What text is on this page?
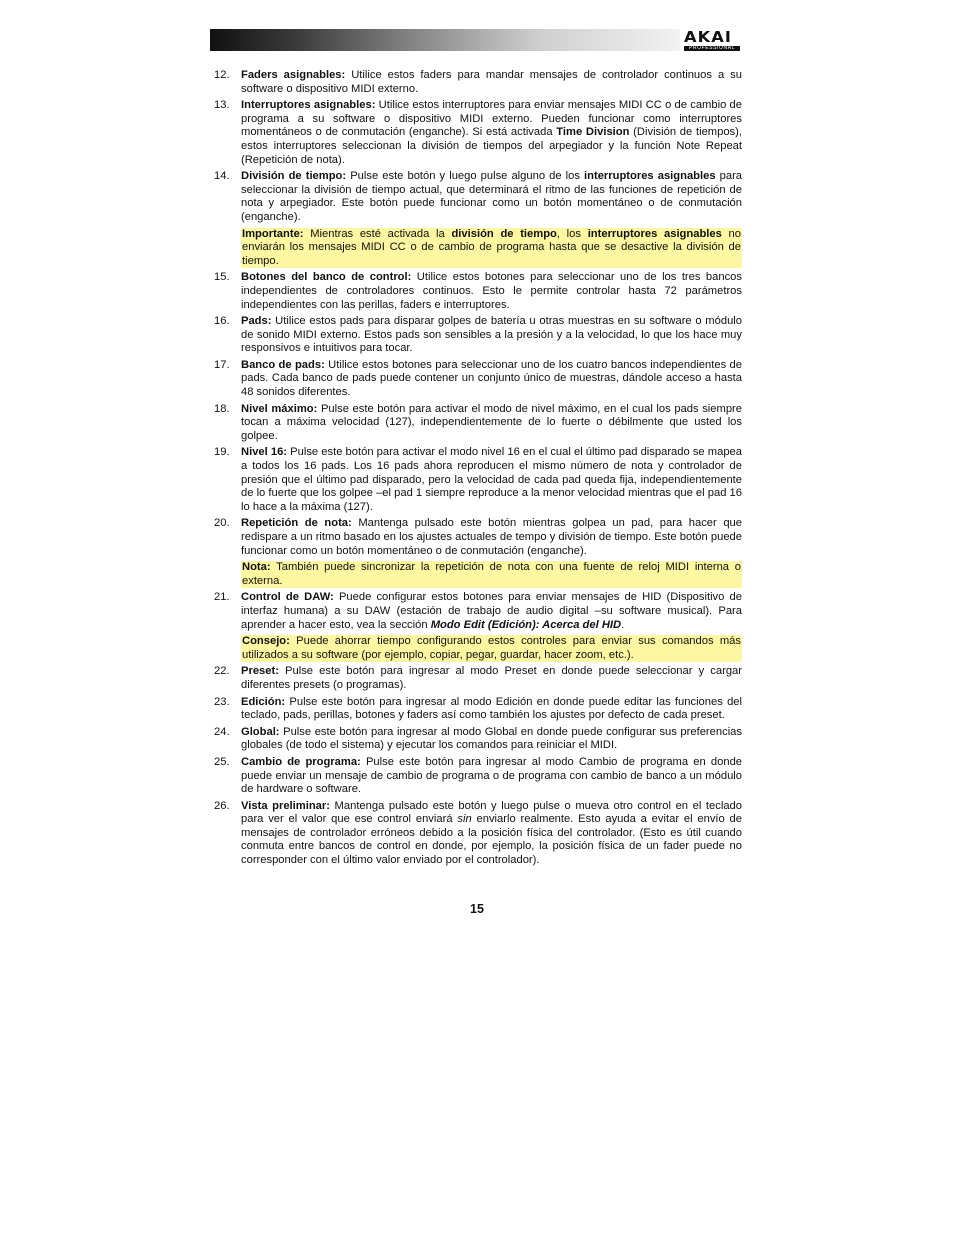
AKAI
PROFESSIONAL
12. Faders asignables: Utilice estos faders para mandar mensajes de controlador continuos a su software o dispositivo MIDI externo.
13. Interruptores asignables: Utilice estos interruptores para enviar mensajes MIDI CC o de cambio de programa a su software o dispositivo MIDI externo. Pueden funcionar como interruptores momentáneos o de conmutación (enganche). Si está activada Time Division (División de tiempos), estos interruptores seleccionan la división de tiempos del arpegiador y la función Note Repeat (Repetición de nota).
14. División de tiempo: Pulse este botón y luego pulse alguno de los interruptores asignables para seleccionar la división de tiempo actual, que determinará el ritmo de las funciones de repetición de nota y arpegiador. Este botón puede funcionar como un botón momentáneo o de conmutación (enganche).
Importante: Mientras esté activada la división de tiempo, los interruptores asignables no enviarán los mensajes MIDI CC o de cambio de programa hasta que se desactive la división de tiempo.
15. Botones del banco de control: Utilice estos botones para seleccionar uno de los tres bancos independientes de controladores continuos. Esto le permite controlar hasta 72 parámetros independientes con las perillas, faders e interruptores.
16. Pads: Utilice estos pads para disparar golpes de batería u otras muestras en su software o módulo de sonido MIDI externo. Estos pads son sensibles a la presión y a la velocidad, lo que los hace muy responsivos e intuitivos para tocar.
17. Banco de pads: Utilice estos botones para seleccionar uno de los cuatro bancos independientes de pads. Cada banco de pads puede contener un conjunto único de muestras, dándole acceso a hasta 48 sonidos diferentes.
18. Nivel máximo: Pulse este botón para activar el modo de nivel máximo, en el cual los pads siempre tocan a máxima velocidad (127), independientemente de lo fuerte o débilmente que usted los golpee.
19. Nivel 16: Pulse este botón para activar el modo nivel 16 en el cual el último pad disparado se mapea a todos los 16 pads. Los 16 pads ahora reproducen el mismo número de nota y controlador de presión que el último pad disparado, pero la velocidad de cada pad queda fija, independientemente de lo fuerte que los golpee –el pad 1 siempre reproduce a la menor velocidad mientras que el pad 16 lo hace a la máxima (127).
20. Repetición de nota: Mantenga pulsado este botón mientras golpea un pad, para hacer que redispare a un ritmo basado en los ajustes actuales de tempo y división de tiempo. Este botón puede funcionar como un botón momentáneo o de conmutación (enganche).
Nota: También puede sincronizar la repetición de nota con una fuente de reloj MIDI interna o externa.
21. Control de DAW: Puede configurar estos botones para enviar mensajes de HID (Dispositivo de interfaz humana) a su DAW (estación de trabajo de audio digital –su software musical). Para aprender a hacer esto, vea la sección Modo Edit (Edición): Acerca del HID.
Consejo: Puede ahorrar tiempo configurando estos controles para enviar sus comandos más utilizados a su software (por ejemplo, copiar, pegar, guardar, hacer zoom, etc.).
22. Preset: Pulse este botón para ingresar al modo Preset en donde puede seleccionar y cargar diferentes presets (o programas).
23. Edición: Pulse este botón para ingresar al modo Edición en donde puede editar las funciones del teclado, pads, perillas, botones y faders así como también los ajustes por defecto de cada preset.
24. Global: Pulse este botón para ingresar al modo Global en donde puede configurar sus preferencias globales (de todo el sistema) y ejecutar los comandos para reiniciar el MIDI.
25. Cambio de programa: Pulse este botón para ingresar al modo Cambio de programa en donde puede enviar un mensaje de cambio de programa o de programa con cambio de banco a un módulo de hardware o software.
26. Vista preliminar: Mantenga pulsado este botón y luego pulse o mueva otro control en el teclado para ver el valor que ese control enviará sin enviarlo realmente. Esto ayuda a evitar el envío de mensajes de controlador erróneos debido a la posición física del controlador. (Esto es útil cuando conmuta entre bancos de control en donde, por ejemplo, la posición física de un fader puede no corresponder con el último valor enviado por el controlador).
15
